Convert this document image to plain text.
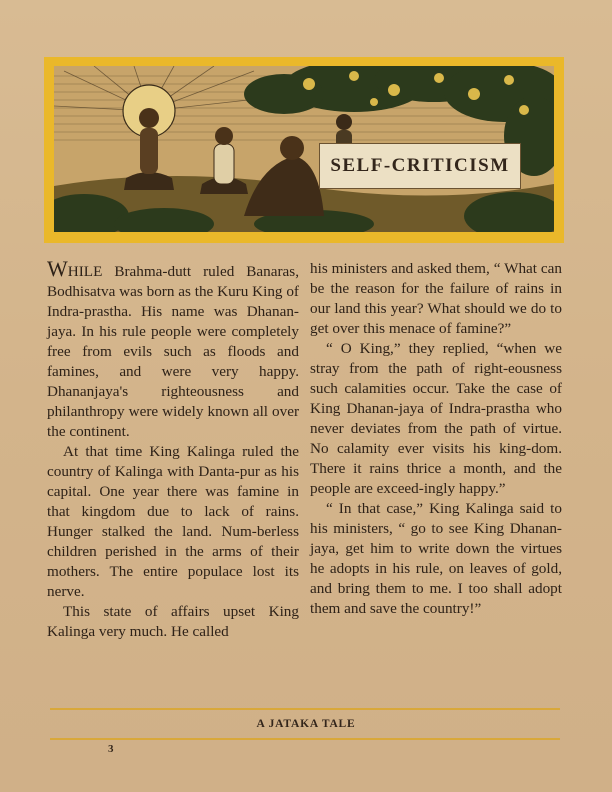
SELF-CRITICISM

WHILE Brahma-dutt ruled Banaras, Bodhisatva was born as the Kuru King of Indra-prastha. His name was Dhanan-jaya. In his rule people were completely free from evils such as floods and famines, and were very happy. Dhananjaya's righteousness and philanthropy were widely known all over the continent.

At that time King Kalinga ruled the country of Kalinga with Danta-pur as his capital. One year there was famine in that kingdom due to lack of rains. Hunger stalked the land. Num-berless children perished in the arms of their mothers. The entire populace lost its nerve.

This state of affairs upset King Kalinga very much. He called

his ministers and asked them, “ What can be the reason for the failure of rains in our land this year? What should we do to get over this menace of famine?”

“ O King,” they replied, “when we stray from the path of right-eousness such calamities occur. Take the case of King Dhanan-jaya of Indra-prastha who never deviates from the path of virtue. No calamity ever visits his king-dom. There it rains thrice a month, and the people are exceed-ingly happy.”

“ In that case,” King Kalinga said to his ministers, “ go to see King Dhanan-jaya, get him to write down the virtues he adopts in his rule, on leaves of gold, and bring them to me. I too shall adopt them and save the country!”

A JATAKA TALE
3
